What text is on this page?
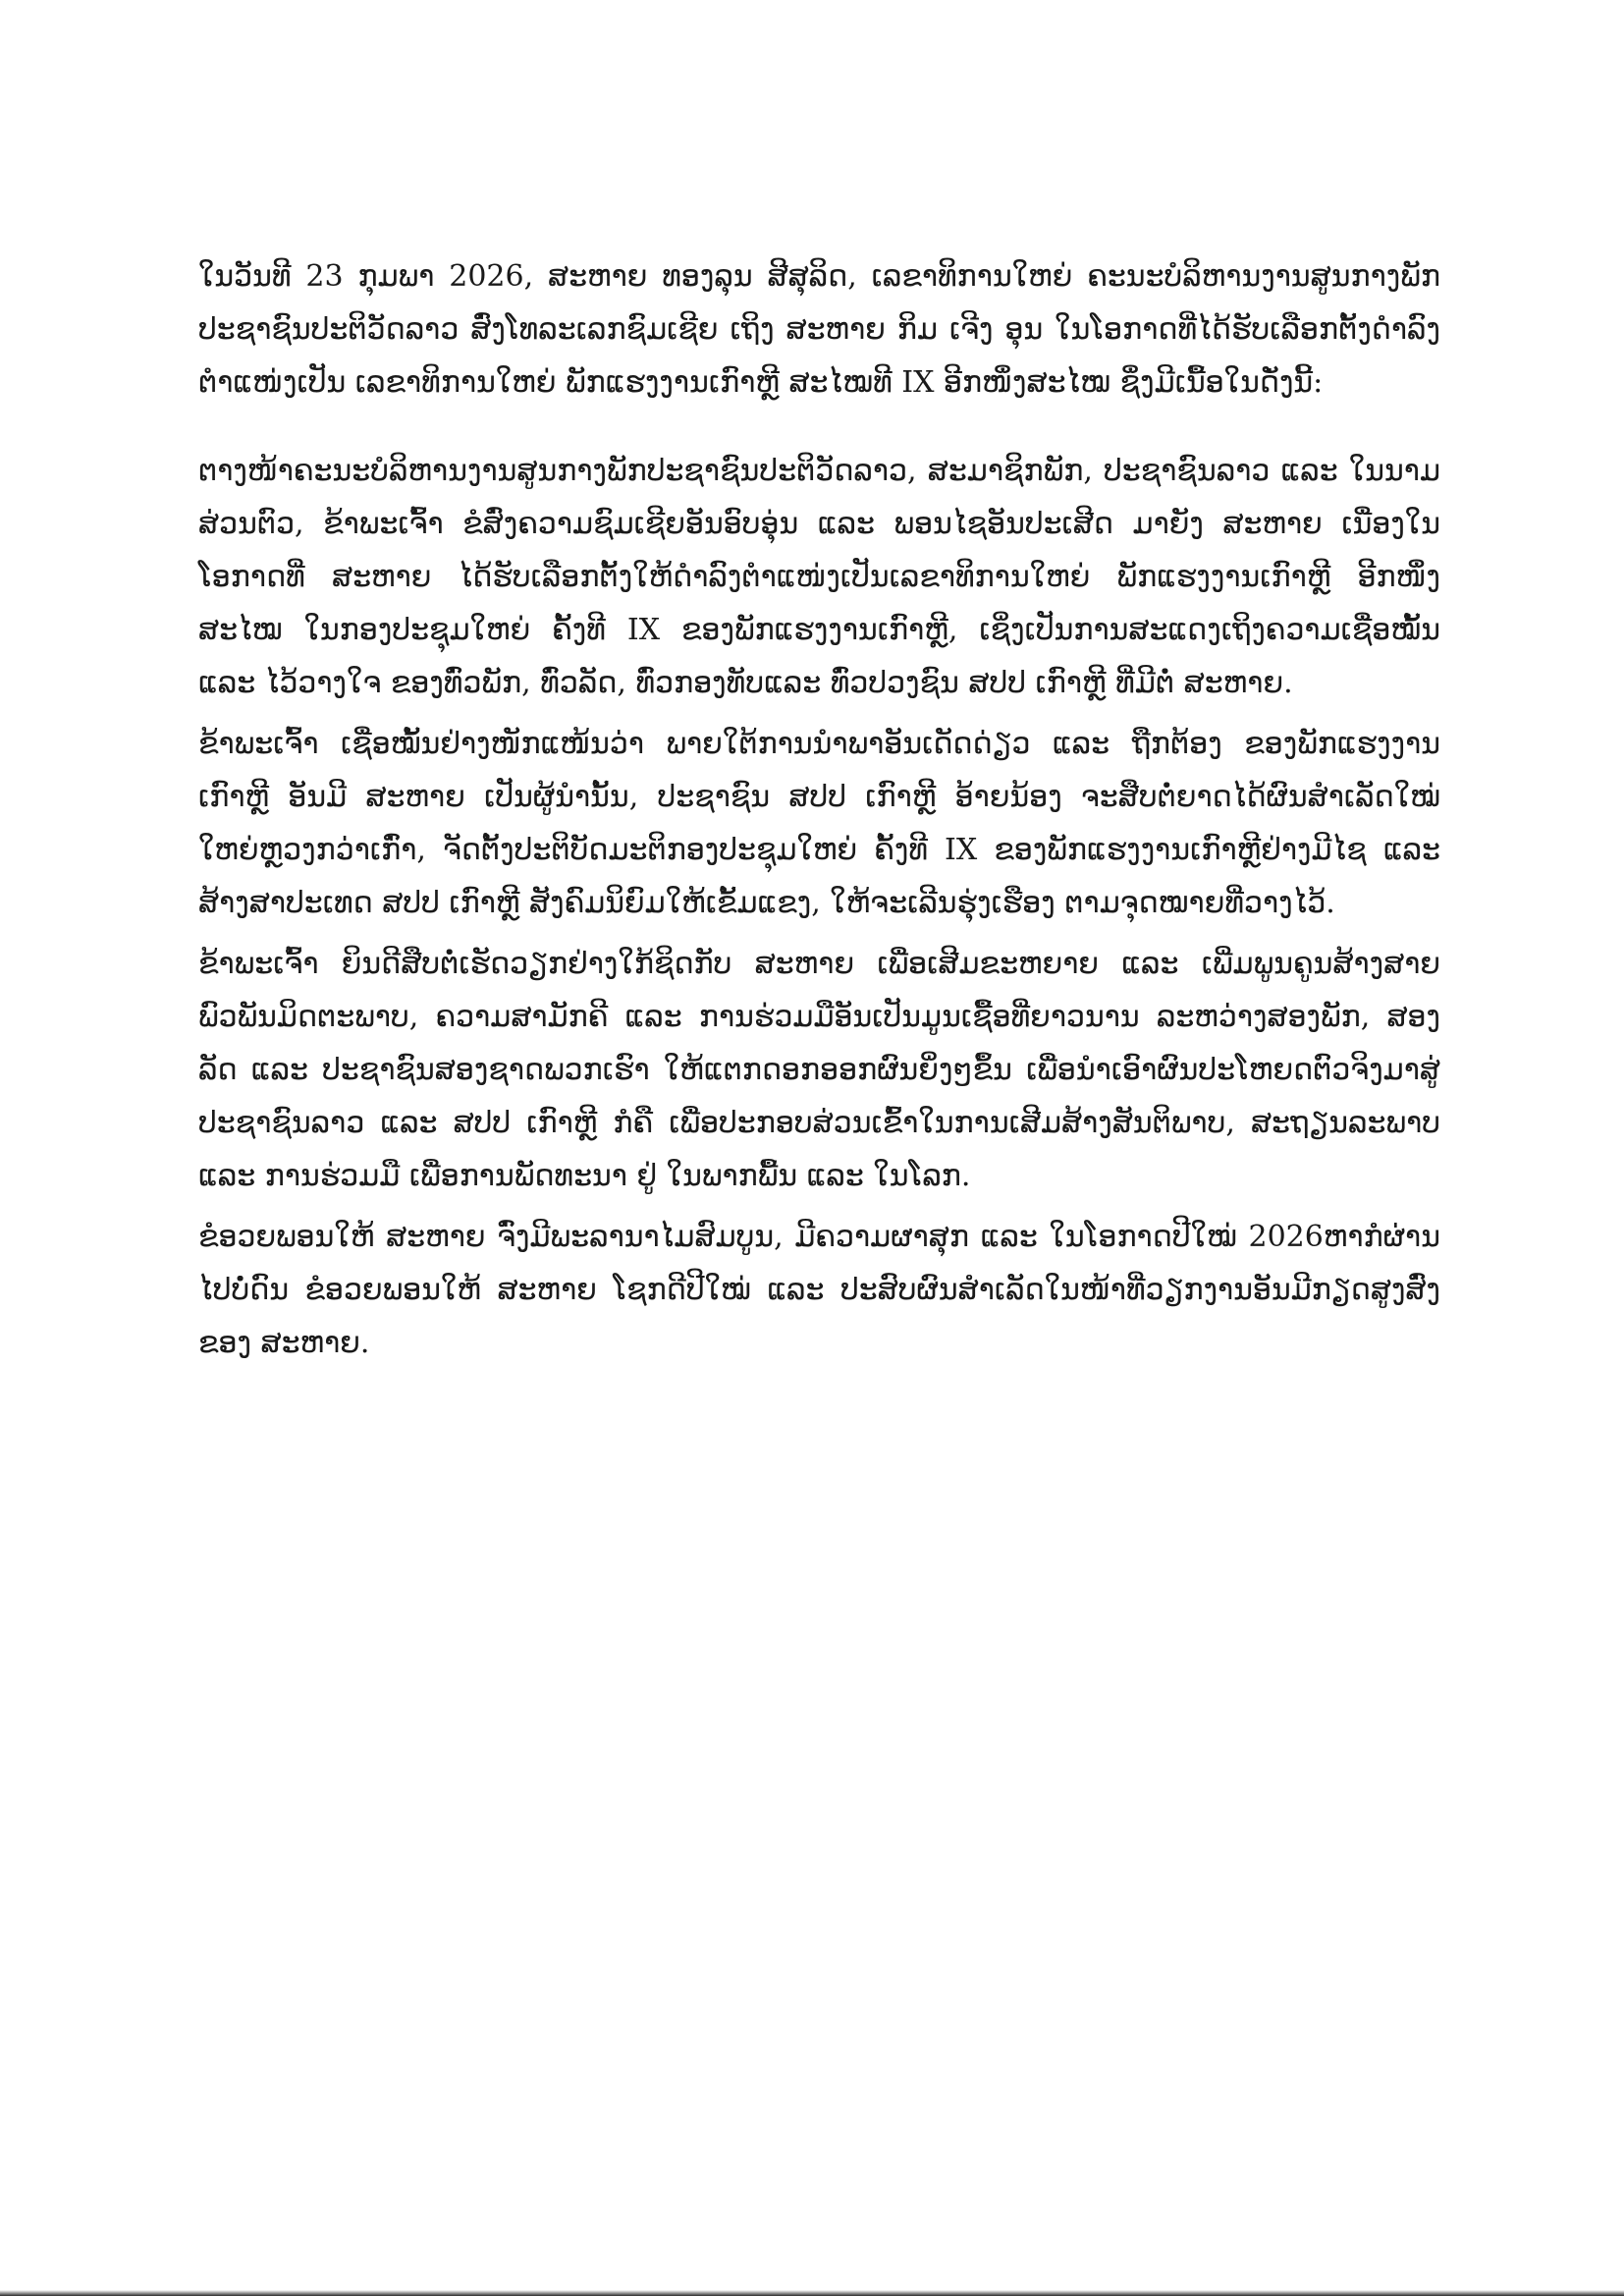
ໃນວັນທີ 23 ກຸມພາ 2026, ສະຫາຍ ທອງລຸນ ສີສຸລິດ, ເລຂາທິການໃຫຍ່ ຄະນະບໍລິຫານງານສູນກາງພັກປະຊາຊົນປະຕິວັດລາວ ສົ່ງໂທລະເລກຊົມເຊີຍ ເຖິງ ສະຫາຍ ກິມ ເຈີງ ອຸນ ໃນໂອກາດທີ່ໄດ້ຮັບເລືອກຕັ້ງດຳລົງຕຳແໜ່ງເປັນ ເລຂາທິການໃຫຍ່ ພັກແຮງງານເກົາຫຼີ ສະໄໝທີ IX ອີກໜຶ່ງສະໄໝ ຊຶ່ງມີເນື້ອໃນດັ່ງນີ້:

ຕາງໜ້າຄະນະບໍລິຫານງານສູນກາງພັກປະຊາຊົນປະຕິວັດລາວ, ສະມາຊິກພັກ, ປະຊາຊົນລາວ ແລະ ໃນນາມສ່ວນຕົວ, ຂ້າພະເຈົ້າ ຂໍສົ່ງຄວາມຊົມເຊີຍອັນອົບອຸ່ນ ແລະ ພອນໄຊອັນປະເສີດ ມາຍັງ ສະຫາຍ ເນື່ອງໃນໂອກາດທີ່ ສະຫາຍ ໄດ້ຮັບເລືອກຕັ້ງໃຫ້ດຳລົງຕຳແໜ່ງເປັນເລຂາທິການໃຫຍ່ ພັກແຮງງານເກົາຫຼີ ອີກໜຶ່ງສະໄໝ ໃນກອງປະຊຸມໃຫຍ່ ຄັ້ງທີ IX ຂອງພັກແຮງງານເກົາຫຼີ, ເຊິ່ງເປັນການສະແດງເຖິງຄວາມເຊື່ອໝັ້ນ ແລະ ໄວ້ວາງໃຈ ຂອງທົ່ວພັກ, ທົ່ວລັດ, ທົ່ວກອງທັບແລະ ທົ່ວປວງຊົນ ສປປ ເກົາຫຼີ ທີ່ມີຕໍ່ ສະຫາຍ.

ຂ້າພະເຈົ້າ ເຊື່ອໝັ້ນຢ່າງໜັກແໜ້ນວ່າ ພາຍໃຕ້ການນຳພາອັນເດັດດ່ຽວ ແລະ ຖືກຕ້ອງ ຂອງພັກແຮງງານເກົາຫຼີ ອັນມີ ສະຫາຍ ເປັນຜູ້ນຳນັ້ນ, ປະຊາຊົນ ສປປ ເກົາຫຼີ ອ້າຍນ້ອງ ຈະສືບຕໍ່ຍາດໄດ້ຜົນສຳເລັດໃໝ່ໃຫຍ່ຫຼວງກວ່າເກົ່າ, ຈັດຕັ້ງປະຕິບັດມະຕິກອງປະຊຸມໃຫຍ່ ຄັ້ງທີ IX ຂອງພັກແຮງງານເກົາຫຼີຢ່າງມີໄຊ ແລະ ສ້າງສາປະເທດ ສປປ ເກົາຫຼີ ສັງຄົມນິຍົມໃຫ້ເຂັ້ມແຂງ, ໃຫ້ຈະເລີນຮຸ່ງເຮືອງ ຕາມຈຸດໝາຍທີ່ວາງໄວ້.

ຂ້າພະເຈົ້າ ຍິນດີສືບຕໍ່ເຮັດວຽກຢ່າງໃກ້ຊິດກັບ ສະຫາຍ ເພື່ອເສີມຂະຫຍາຍ ແລະ ເພີ່ມພູນຄູນສ້າງສາຍພົວພັນມິດຕະພາບ, ຄວາມສາມັກຄີ ແລະ ການຮ່ວມມືອັນເປັນມູນເຊື້ອທີ່ຍາວນານ ລະຫວ່າງສອງພັກ, ສອງລັດ ແລະ ປະຊາຊົນສອງຊາດພວກເຮົາ ໃຫ້ແຕກດອກອອກຜົນຍິ່ງໆຂຶ້ນ ເພື່ອນຳເອົາຜົນປະໂຫຍດຕົວຈິງມາສູ່ປະຊາຊົນລາວ ແລະ ສປປ ເກົາຫຼີ ກໍຄື ເພື່ອປະກອບສ່ວນເຂົ້າໃນການເສີມສ້າງສັນຕິພາບ, ສະຖຽນລະພາບ ແລະ ການຮ່ວມມື ເພື່ອການພັດທະນາ ຢູ່ ໃນພາກພື້ນ ແລະ ໃນໂລກ.

ຂໍອວຍພອນໃຫ້ ສະຫາຍ ຈົ່ງມີພະລານາໄມສົມບູນ, ມີຄວາມຜາສຸກ ແລະ ໃນໂອກາດປີໃໝ່ 2026ຫາກໍຜ່ານໄປບໍ່ດົນ ຂໍອວຍພອນໃຫ້ ສະຫາຍ ໂຊກດີປີໃໝ່ ແລະ ປະສົບຜົນສຳເລັດໃນໜ້າທີ່ວຽກງານອັນມີກຽດສູງສົ່ງຂອງ ສະຫາຍ.
